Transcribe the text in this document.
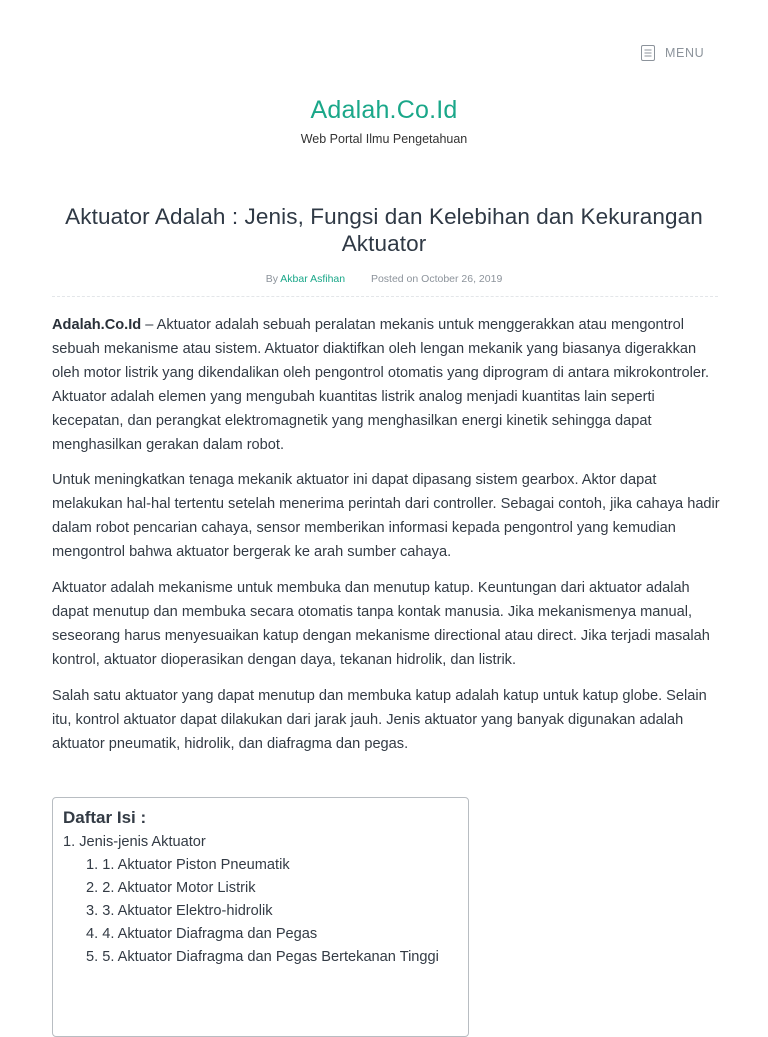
MENU
Adalah.Co.Id
Web Portal Ilmu Pengetahuan
Aktuator Adalah : Jenis, Fungsi dan Kelebihan dan Kekurangan Aktuator
By Akbar Asfihan Posted on October 26, 2019

Adalah.Co.Id – Aktuator adalah sebuah peralatan mekanis untuk menggerakkan atau mengontrol sebuah mekanisme atau sistem. Aktuator diaktifkan oleh lengan mekanik yang biasanya digerakkan oleh motor listrik yang dikendalikan oleh pengontrol otomatis yang diprogram di antara mikrokontroler. Aktuator adalah elemen yang mengubah kuantitas listrik analog menjadi kuantitas lain seperti kecepatan, dan perangkat elektromagnetik yang menghasilkan energi kinetik sehingga dapat menghasilkan gerakan dalam robot.

Untuk meningkatkan tenaga mekanik aktuator ini dapat dipasang sistem gearbox. Aktor dapat melakukan hal-hal tertentu setelah menerima perintah dari controller. Sebagai contoh, jika cahaya hadir dalam robot pencarian cahaya, sensor memberikan informasi kepada pengontrol yang kemudian mengontrol bahwa aktuator bergerak ke arah sumber cahaya.

Aktuator adalah mekanisme untuk membuka dan menutup katup. Keuntungan dari aktuator adalah dapat menutup dan membuka secara otomatis tanpa kontak manusia. Jika mekanismenya manual, seseorang harus menyesuaikan katup dengan mekanisme directional atau direct. Jika terjadi masalah kontrol, aktuator dioperasikan dengan daya, tekanan hidrolik, dan listrik.

Salah satu aktuator yang dapat menutup dan membuka katup adalah katup untuk katup globe. Selain itu, kontrol aktuator dapat dilakukan dari jarak jauh. Jenis aktuator yang banyak digunakan adalah aktuator pneumatik, hidrolik, dan diafragma dan pegas.

Daftar Isi :
1. Jenis-jenis Aktuator
1. 1. Aktuator Piston Pneumatik
2. 2. Aktuator Motor Listrik
3. 3. Aktuator Elektro-hidrolik
4. 4. Aktuator Diafragma dan Pegas
5. 5. Aktuator Diafragma dan Pegas Bertekanan Tinggi
